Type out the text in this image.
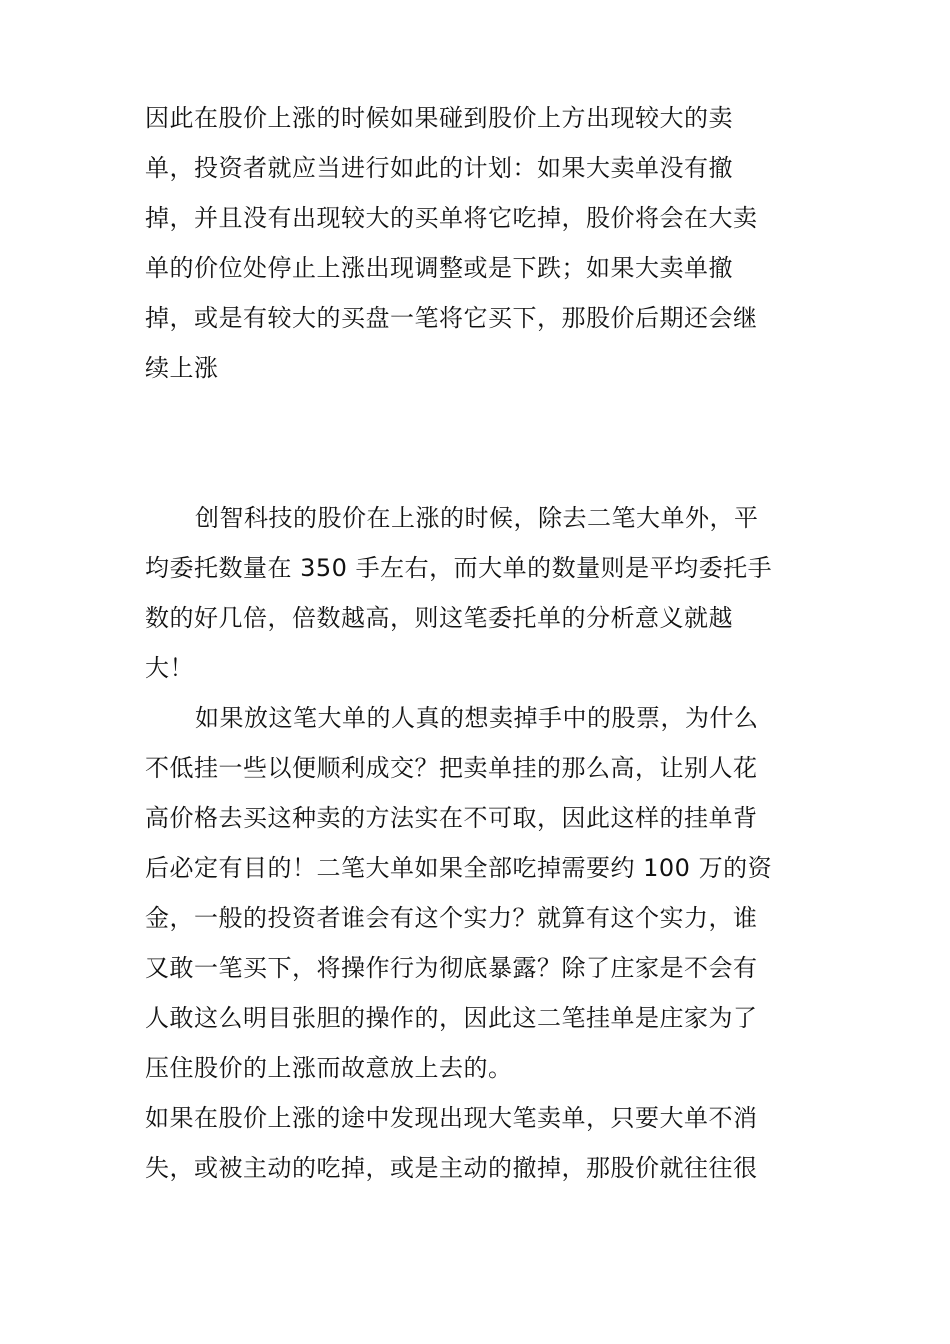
因此在股价上涨的时候如果碰到股价上方出现较大的卖
单，投资者就应当进行如此的计划：如果大卖单没有撤
掉，并且没有出现较大的买单将它吃掉，股价将会在大卖
单的价位处停止上涨出现调整或是下跌；如果大卖单撤
掉，或是有较大的买盘一笔将它买下，那股价后期还会继
续上涨
创智科技的股价在上涨的时候，除去二笔大单外，平
均委托数量在 350 手左右，而大单的数量则是平均委托手
数的好几倍，倍数越高，则这笔委托单的分析意义就越
大！
如果放这笔大单的人真的想卖掉手中的股票，为什么
不低挂一些以便顺利成交？把卖单挂的那么高，让别人花
高价格去买这种卖的方法实在不可取，因此这样的挂单背
后必定有目的！二笔大单如果全部吃掉需要约 100 万的资
金，一般的投资者谁会有这个实力？就算有这个实力，谁
又敢一笔买下，将操作行为彻底暴露？除了庄家是不会有
人敢这么明目张胆的操作的，因此这二笔挂单是庄家为了
压住股价的上涨而故意放上去的。
如果在股价上涨的途中发现出现大笔卖单，只要大单不消
失，或被主动的吃掉，或是主动的撤掉，那股价就往往很
